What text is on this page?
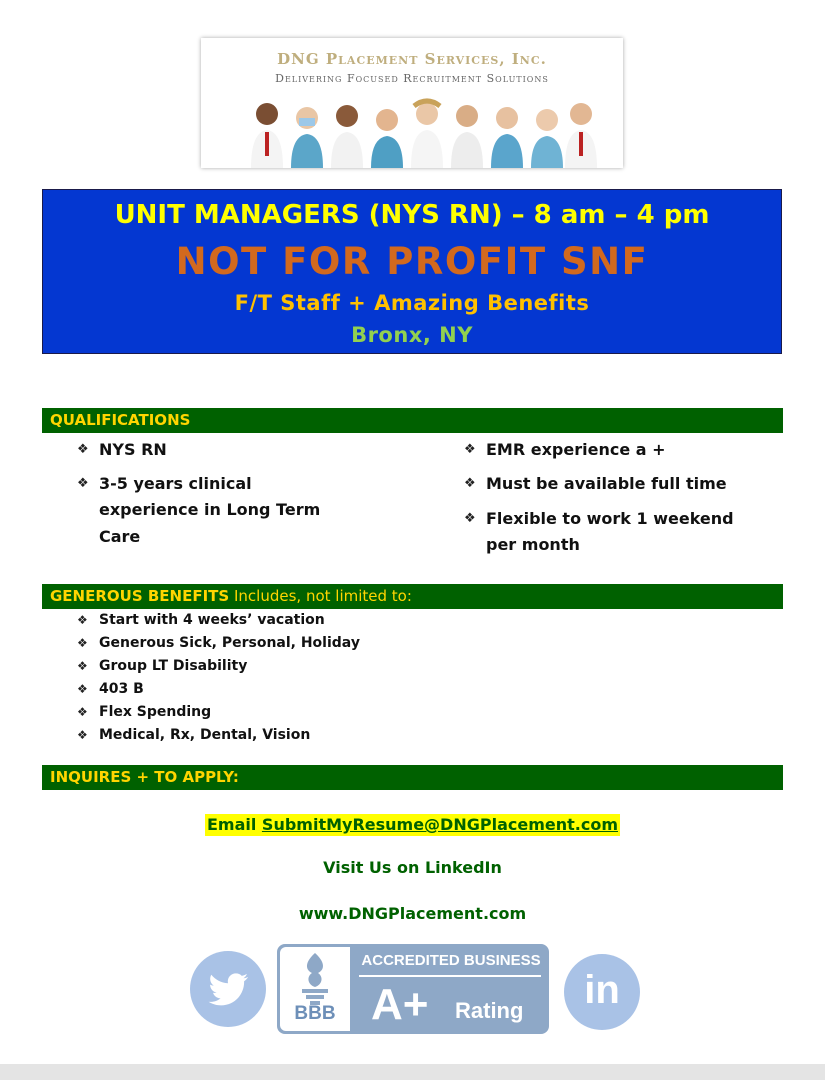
DNG Placement Services, Inc.
Delivering Focused Recruitment Solutions
UNIT MANAGERS (NYS RN) – 8 am – 4 pm
NOT FOR PROFIT SNF
F/T Staff + Amazing Benefits
Bronx, NY
QUALIFICATIONS
❖ NYS RN
❖ 3-5 years clinical
experience in Long Term
Care
❖ EMR experience a +
❖ Must be available full time
❖ Flexible to work 1 weekend
per month
GENEROUS BENEFITS Includes, not limited to:
❖ Start with 4 weeks’ vacation
❖ Generous Sick, Personal, Holiday
❖ Group LT Disability
❖ 403 B
❖ Flex Spending
❖ Medical, Rx, Dental, Vision
INQUIRES + TO APPLY:
Email SubmitMyResume@DNGPlacement.com
Visit Us on LinkedIn
www.DNGPlacement.com
BBB
ACCREDITED BUSINESS
A+ Rating	in
